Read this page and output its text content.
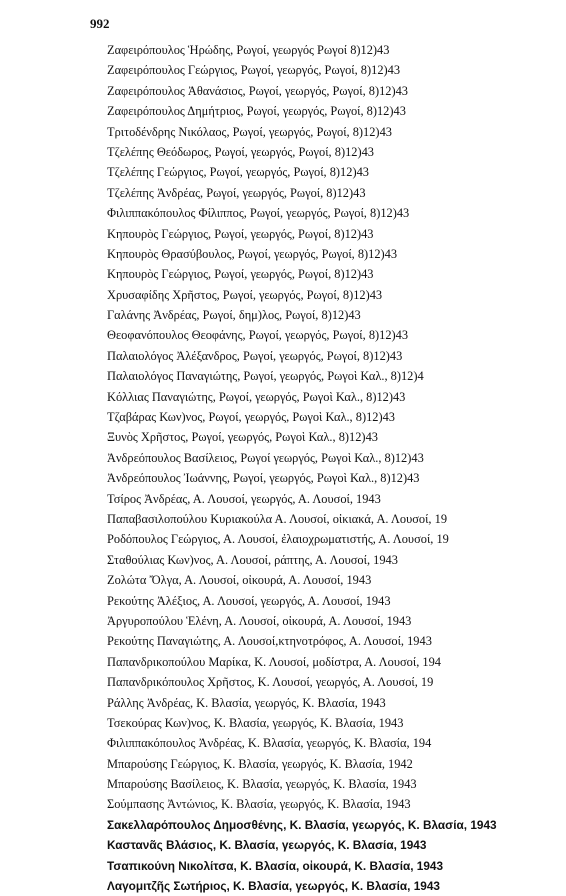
992
Ζαφειρόπουλος Ἡρώδης, Ρωγοί, γεωργός Ρωγοί 8)12)43
Ζαφειρόπουλος Γεώργιος, Ρωγοί, γεωργός, Ρωγοί, 8)12)43
Ζαφειρόπουλος Ἀθανάσιος, Ρωγοί, γεωργός, Ρωγοί, 8)12)43
Ζαφειρόπουλος Δημήτριος, Ρωγοί, γεωργός, Ρωγοί, 8)12)43
Τριτοδένδρης Νικόλαος, Ρωγοί, γεωργός, Ρωγοί, 8)12)43
Τζελέπης Θεόδωρος, Ρωγοί, γεωργός, Ρωγοί, 8)12)43
Τζελέπης Γεώργιος, Ρωγοί, γεωργός, Ρωγοί, 8)12)43
Τζελέπης Ἀνδρέας, Ρωγοί, γεωργός, Ρωγοί, 8)12)43
Φιλιππακόπουλος Φίλιππος, Ρωγοί, γεωργός, Ρωγοί, 8)12)43
Κηπουρὸς Γεώργιος, Ρωγοί, γεωργός, Ρωγοί, 8)12)43
Κηπουρὸς Θρασύβουλος, Ρωγοί, γεωργός, Ρωγοί, 8)12)43
Κηπουρὸς Γεώργιος, Ρωγοί, γεωργός, Ρωγοί, 8)12)43
Χρυσαφίδης Χρῆστος, Ρωγοί, γεωργός, Ρωγοί, 8)12)43
Γαλάνης Ἀνδρέας, Ρωγοί, δημ)λος, Ρωγοί, 8)12)43
Θεοφανόπουλος Θεοφάνης, Ρωγοί, γεωργός, Ρωγοί, 8)12)43
Παλαιολόγος Ἀλέξανδρος, Ρωγοί, γεωργός, Ρωγοί, 8)12)43
Παλαιολόγος Παναγιώτης, Ρωγοί, γεωργός, Ρωγοὶ Καλ., 8)12)4
Κόλλιας Παναγιώτης, Ρωγοί, γεωργός, Ρωγοὶ Καλ., 8)12)43
Τζαβάρας Κων)νος, Ρωγοί, γεωργός, Ρωγοὶ Καλ., 8)12)43
Ξυνὸς Χρῆστος, Ρωγοί, γεωργός, Ρωγοὶ Καλ., 8)12)43
Ἀνδρεόπουλος Βασίλειος, Ρωγοί γεωργός, Ρωγοὶ Καλ., 8)12)43
Ἀνδρεόπουλος Ἰωάννης, Ρωγοί, γεωργός, Ρωγοὶ Καλ., 8)12)43
Τσίρος Ἀνδρέας, Α. Λουσοί, γεωργός, Α. Λουσοί, 1943
Παπαβασιλοπούλου Κυριακούλα Α. Λουσοί, οἰκιακά, Α. Λουσοί, 19
Ροδόπουλος Γεώργιος, Α. Λουσοί, ἐλαιοχρωματιστής, Α. Λουσοί, 19
Σταθούλιας Κων)νος, Α. Λουσοί, ράπτης, Α. Λουσοί, 1943
Ζολώτα Ὄλγα, Α. Λουσοί, οἰκουρά, Α. Λουσοί, 1943
Ρεκούτης Ἀλέξιος, Α. Λουσοί, γεωργός, Α. Λουσοί, 1943
Ἀργυροπούλου Ἑλένη, Α. Λουσοί, οἰκουρά, Α. Λουσοί, 1943
Ρεκούτης Παναγιώτης, Α. Λουσοί,κτηνοτρόφος, Α. Λουσοί, 1943
Παπανδρικοπούλου Μαρίκα, Κ. Λουσοί, μοδίστρα, Α. Λουσοί, 194
Παπανδρικόπουλος Χρῆστος, Κ. Λουσοί, γεωργός, Α. Λουσοί, 19
Ράλλης Ἀνδρέας, Κ. Βλασία, γεωργός, Κ. Βλασία, 1943
Τσεκούρας Κων)νος, Κ. Βλασία, γεωργός, Κ. Βλασία, 1943
Φιλιππακόπουλος Ἀνδρέας, Κ. Βλασία, γεωργός, Κ. Βλασία, 194
Μπαρούσης Γεώργιος, Κ. Βλασία, γεωργός, Κ. Βλασία, 1942
Μπαρούσης Βασίλειος, Κ. Βλασία, γεωργός, Κ. Βλασία, 1943
Σούμπασης Ἀντώνιος, Κ. Βλασία, γεωργός, Κ. Βλασία, 1943
Σακελλαρόπουλος Δημοσθένης, Κ. Βλασία, γεωργός, Κ. Βλασία, 1943
Καστανᾶς Βλάσιος, Κ. Βλασία, γεωργός, Κ. Βλασία, 1943
Τσαπικούνη Νικολίτσα, Κ. Βλασία, οἰκουρά, Κ. Βλασία, 1943
Λαγομιτζῆς Σωτήριος, Κ. Βλασία, γεωργός, Κ. Βλασία, 1943
